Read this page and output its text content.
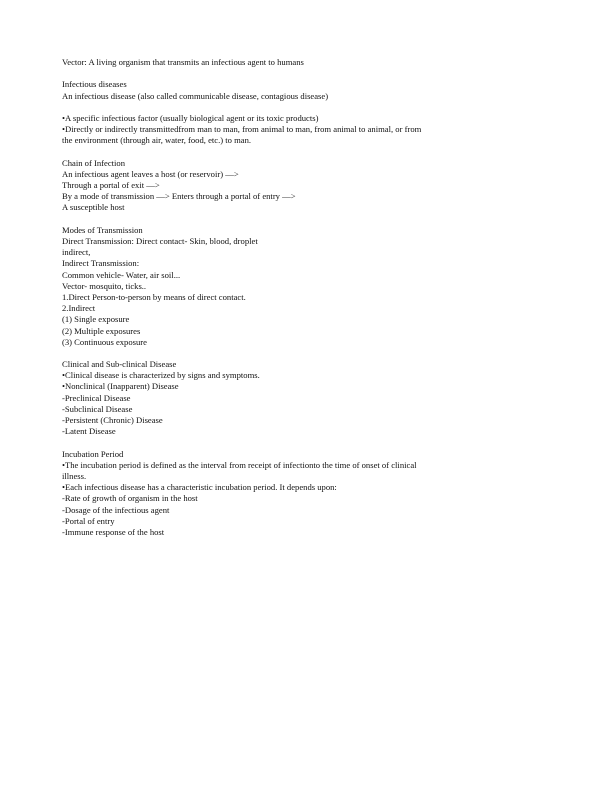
Vector: A living organism that transmits an infectious agent to humans
Infectious diseases
An infectious disease (also called communicable disease, contagious disease)
•A specific infectious factor (usually biological agent or its toxic products)
•Directly or indirectly transmittedfrom man to man, from animal to man, from animal to animal, or from
the environment (through air, water, food, etc.) to man.
Chain of Infection
An infectious agent leaves a host (or reservoir) —>
Through a portal of exit —>
By a mode of transmission —> Enters through a portal of entry —>
A susceptible host
Modes of Transmission
Direct Transmission: Direct contact- Skin, blood, droplet
indirect,
Indirect Transmission:
Common vehicle- Water, air soil...
Vector- mosquito, ticks..
1.Direct Person-to-person by means of direct contact.
2.Indirect
(1) Single exposure
(2) Multiple exposures
(3) Continuous exposure
Clinical and Sub-clinical Disease
•Clinical disease is characterized by signs and symptoms.
•Nonclinical (Inapparent) Disease
-Preclinical Disease
-Subclinical Disease
-Persistent (Chronic) Disease
-Latent Disease
Incubation Period
•The incubation period is defined as the interval from receipt of infectionto the time of onset of clinical
illness.
•Each infectious disease has a characteristic incubation period. It depends upon:
-Rate of growth of organism in the host
-Dosage of the infectious agent
-Portal of entry
-Immune response of the host
